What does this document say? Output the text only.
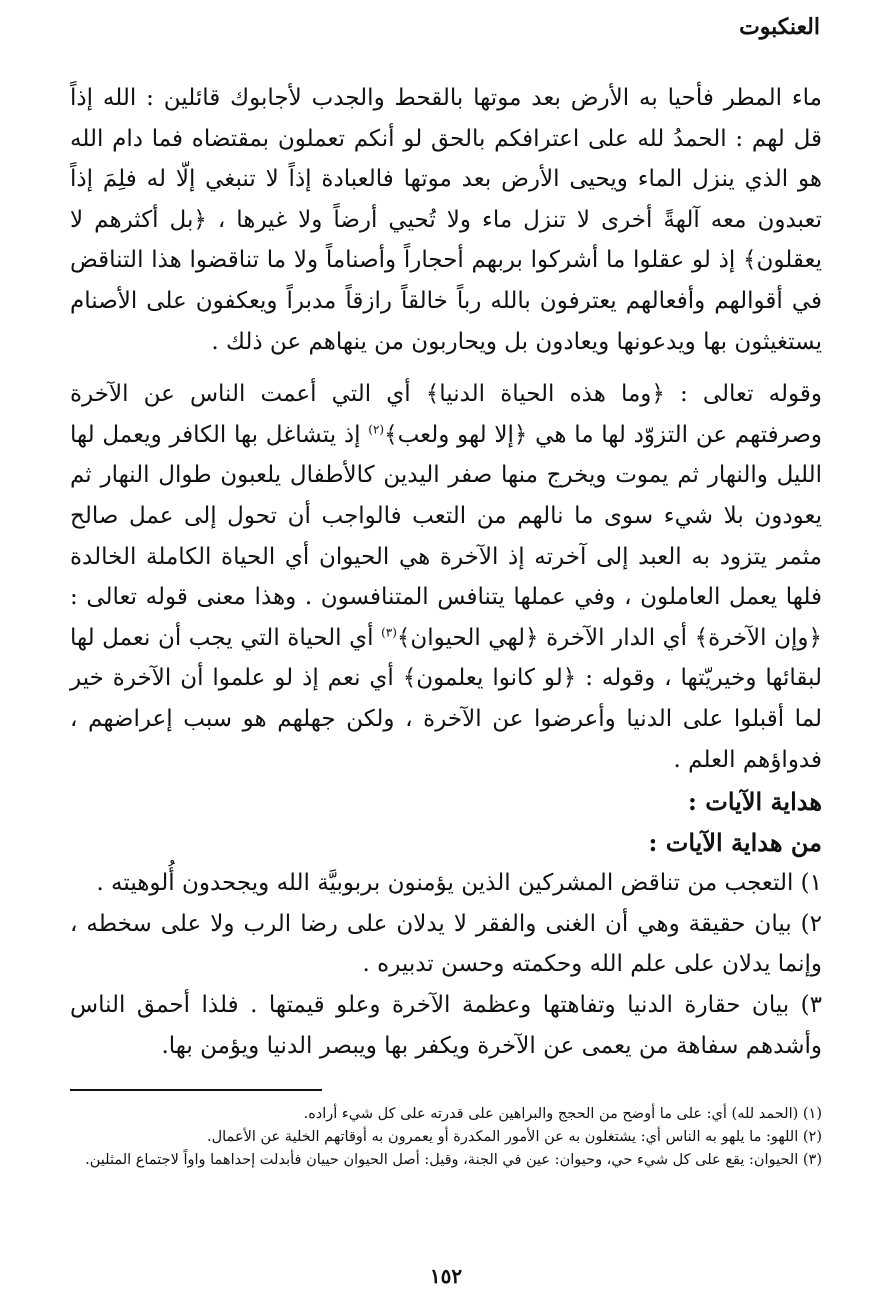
العنكبوت

ماء المطر فأحيا به الأرض بعد موتها بالقحط والجدب لأجابوك قائلين : الله إذاً قل لهم : الحمدُ لله على اعترافكم بالحق لو أنكم تعملون بمقتضاه فما دام الله هو الذي ينزل الماء ويحيى الأرض بعد موتها فالعبادة إذاً لا تنبغي إلّا له فلِمَ إذاً تعبدون معه آلهةً أخرى لا تنزل ماء ولا تُحيي أرضاً ولا غيرها ، ﴿بل أكثرهم لا يعقلون﴾ إذ لو عقلوا ما أشركوا بربهم أحجاراً وأصناماً ولا ما تناقضوا هذا التناقض في أقوالهم وأفعالهم يعترفون بالله رباً خالقاً رازقاً مدبراً ويعكفون على الأصنام يستغيثون بها ويدعونها ويعادون بل ويحاربون من ينهاهم عن ذلك .

وقوله تعالى : ﴿وما هذه الحياة الدنيا﴾ أي التي أعمت الناس عن الآخرة وصرفتهم عن التزوّد لها ما هي ﴿إلا لهو ولعب﴾$^{(٢)}$ إذ يتشاغل بها الكافر ويعمل لها الليل والنهار ثم يموت ويخرج منها صفر اليدين كالأطفال يلعبون طوال النهار ثم يعودون بلا شيء سوى ما نالهم من التعب فالواجب أن تحول إلى عمل صالح مثمر يتزود به العبد إلى آخرته إذ الآخرة هي الحيوان أي الحياة الكاملة الخالدة فلها يعمل العاملون ، وفي عملها يتنافس المتنافسون . وهذا معنى قوله تعالى : ﴿وإن الآخرة﴾ أي الدار الآخرة ﴿لهي الحيوان﴾$^{(٣)}$ أي الحياة التي يجب أن نعمل لها لبقائها وخيريّتها ، وقوله : ﴿لو كانوا يعلمون﴾ أي نعم إذ لو علموا أن الآخرة خير لما أقبلوا على الدنيا وأعرضوا عن الآخرة ، ولكن جهلهم هو سبب إعراضهم ، فدواؤهم العلم .

هداية الآيات :

من هداية الآيات :

١) التعجب من تناقض المشركين الذين يؤمنون بربوبيَّة الله ويجحدون أُلوهيته .

٢) بيان حقيقة وهي أن الغنى والفقر لا يدلان على رضا الرب ولا على سخطه ، وإنما يدلان على علم الله وحكمته وحسن تدبيره .

٣) بيان حقارة الدنيا وتفاهتها وعظمة الآخرة وعلو قيمتها . فلذا أحمق الناس وأشدهم سفاهة من يعمى عن الآخرة ويكفر بها ويبصر الدنيا ويؤمن بها.

(١) (الحمد لله) أي: على ما أوضح من الحجج والبراهين على قدرته على كل شيء أراده.

(٢) اللهو: ما يلهو به الناس أي: يشتغلون به عن الأمور المكدرة أو يعمرون به أوقاتهم الخلية عن الأعمال.

(٣) الحيوان: يقع على كل شيء حي، وحيوان: عين في الجنة، وقيل: أصل الحيوان حييان فأبدلت إحداهما واواً لاجتماع المثلين.

١٥٢
